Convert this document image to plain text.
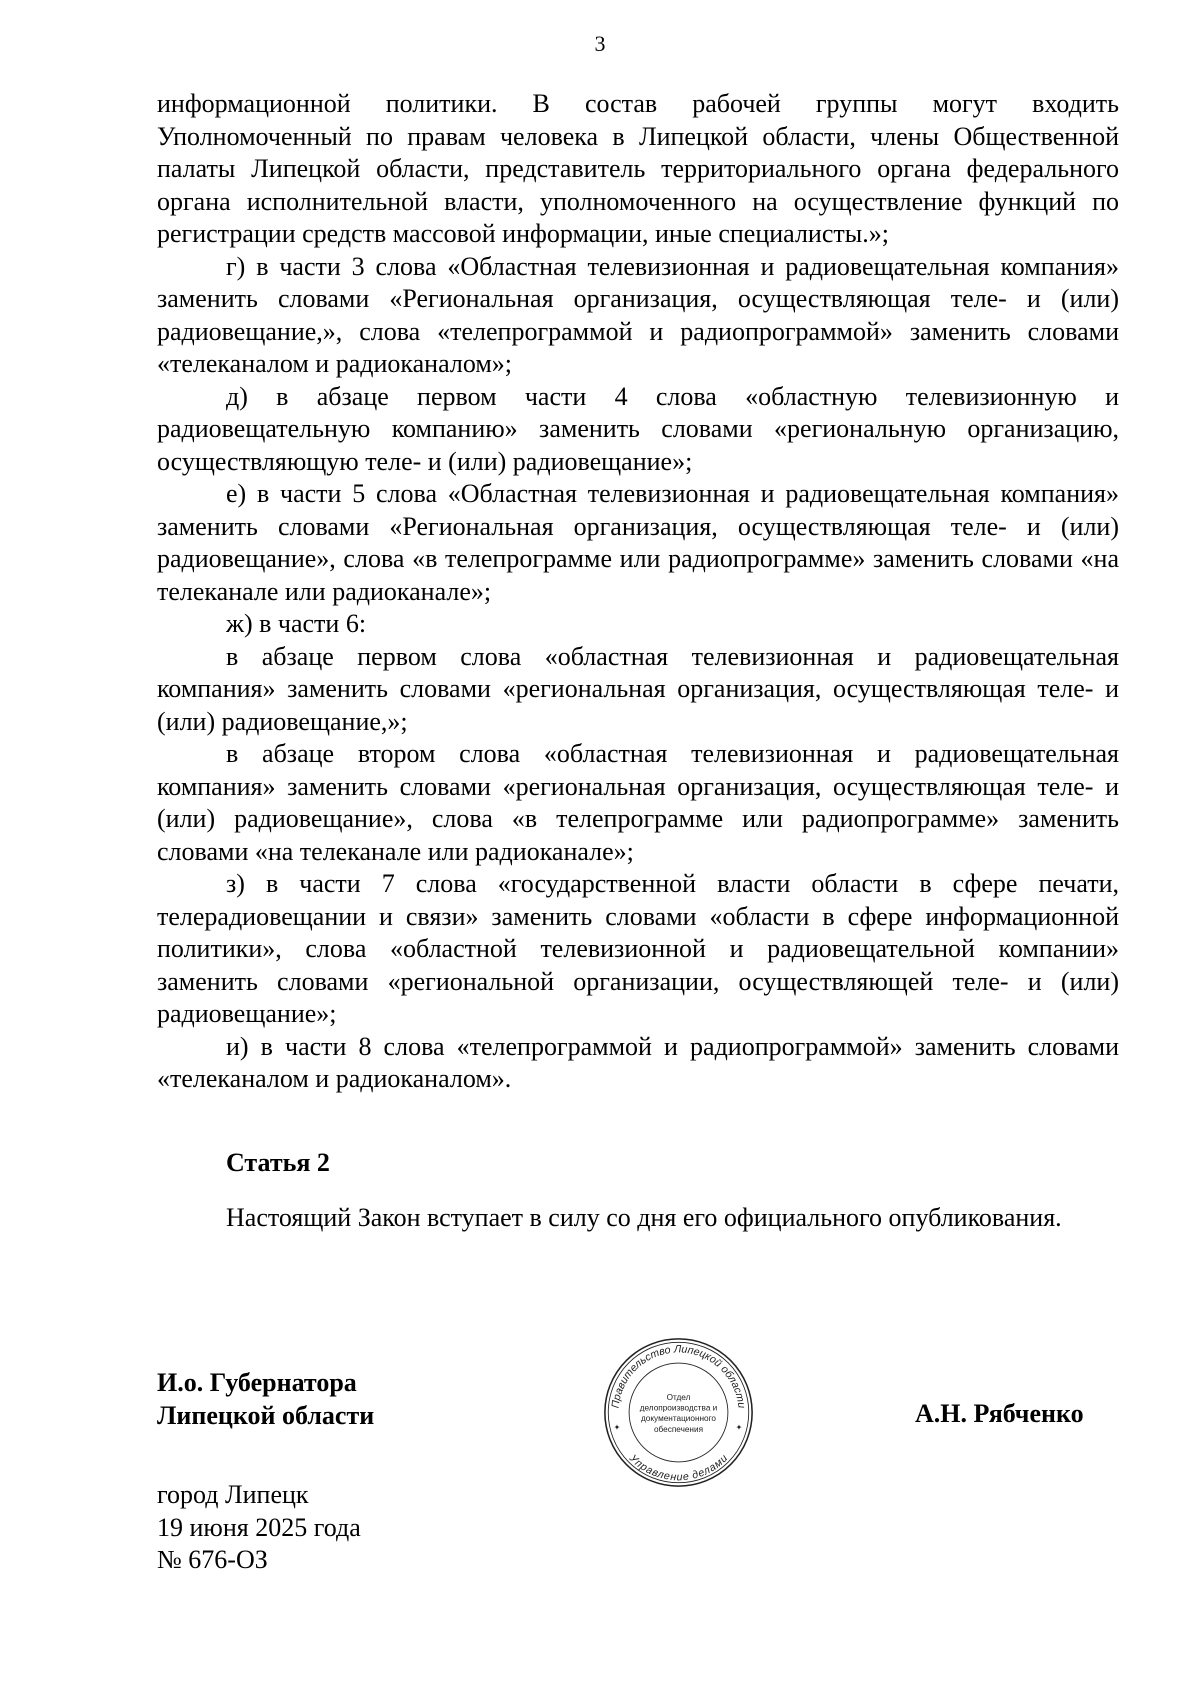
3

информационной политики. В состав рабочей группы могут входить Уполномоченный по правам человека в Липецкой области, члены Общественной палаты Липецкой области, представитель территориального органа федерального органа исполнительной власти, уполномоченного на осуществление функций по регистрации средств массовой информации, иные специалисты.»;

г) в части 3 слова «Областная телевизионная и радиовещательная компания» заменить словами «Региональная организация, осуществляющая теле- и (или) радиовещание,», слова «телепрограммой и радиопрограммой» заменить словами «телеканалом и радиоканалом»;

д) в абзаце первом части 4 слова «областную телевизионную и радиовещательную компанию» заменить словами «региональную организацию, осуществляющую теле- и (или) радиовещание»;

е) в части 5 слова «Областная телевизионная и радиовещательная компания» заменить словами «Региональная организация, осуществляющая теле- и (или) радиовещание», слова «в телепрограмме или радиопрограмме» заменить словами «на телеканале или радиоканале»;

ж) в части 6:

в абзаце первом слова «областная телевизионная и радиовещательная компания» заменить словами «региональная организация, осуществляющая теле- и (или) радиовещание,»;

в абзаце втором слова «областная телевизионная и радиовещательная компания» заменить словами «региональная организация, осуществляющая теле- и (или) радиовещание», слова «в телепрограмме или радиопрограмме» заменить словами «на телеканале или радиоканале»;

з) в части 7 слова «государственной власти области в сфере печати, телерадиовещании и связи» заменить словами «области в сфере информационной политики», слова «областной телевизионной и радиовещательной компании» заменить словами «региональной организации, осуществляющей теле- и (или) радиовещание»;

и) в части 8 слова «телепрограммой и радиопрограммой» заменить словами «телеканалом и радиоканалом».

Статья 2

Настоящий Закон вступает в силу со дня его официального опубликования.

И.о. Губернатора
Липецкой области	Правительство Липецкой области
Управление делами
Отдел
делопроизводства и
документационного
обеспечения
✦	✦	А.Н. Рябченко
город Липецк
19 июня 2025 года
№ 676-ОЗ
